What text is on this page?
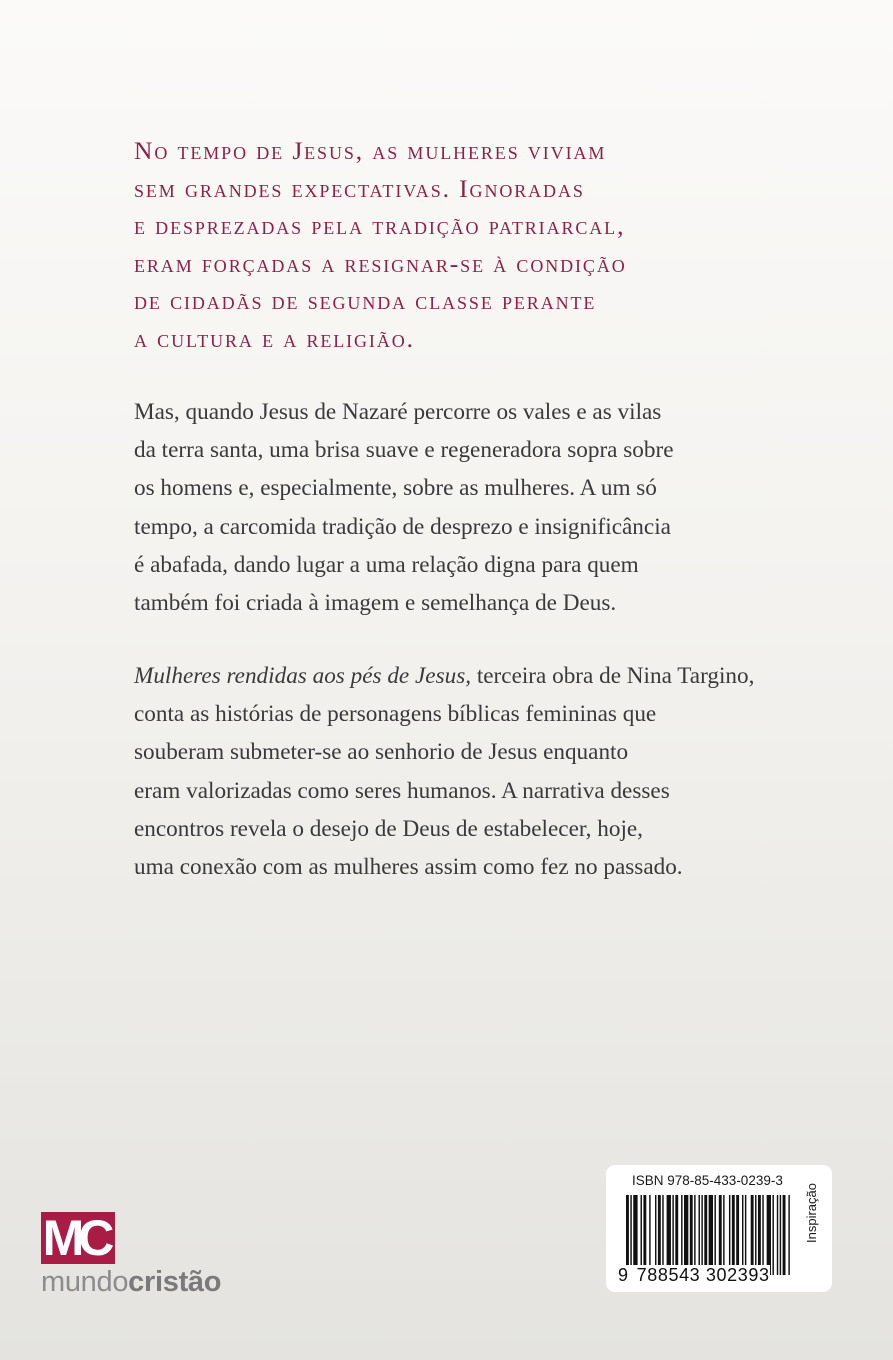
No tempo de Jesus, as mulheres viviam
sem grandes expectativas. Ignoradas
e desprezadas pela tradição patriarcal,
eram forçadas a resignar-se à condição
de cidadãs de segunda classe perante
a cultura e a religião.
Mas, quando Jesus de Nazaré percorre os vales e as vilas
da terra santa, uma brisa suave e regeneradora sopra sobre
os homens e, especialmente, sobre as mulheres. A um só
tempo, a carcomida tradição de desprezo e insignificância
é abafada, dando lugar a uma relação digna para quem
também foi criada à imagem e semelhança de Deus.
Mulheres rendidas aos pés de Jesus, terceira obra de Nina Targino,
conta as histórias de personagens bíblicas femininas que
souberam submeter-se ao senhorio de Jesus enquanto
eram valorizadas como seres humanos. A narrativa desses
encontros revela o desejo de Deus de estabelecer, hoje,
uma conexão com as mulheres assim como fez no passado.
MC
mundocristão
ISBN 978-85-433-0239-3
9 788543 302393
Inspiração
